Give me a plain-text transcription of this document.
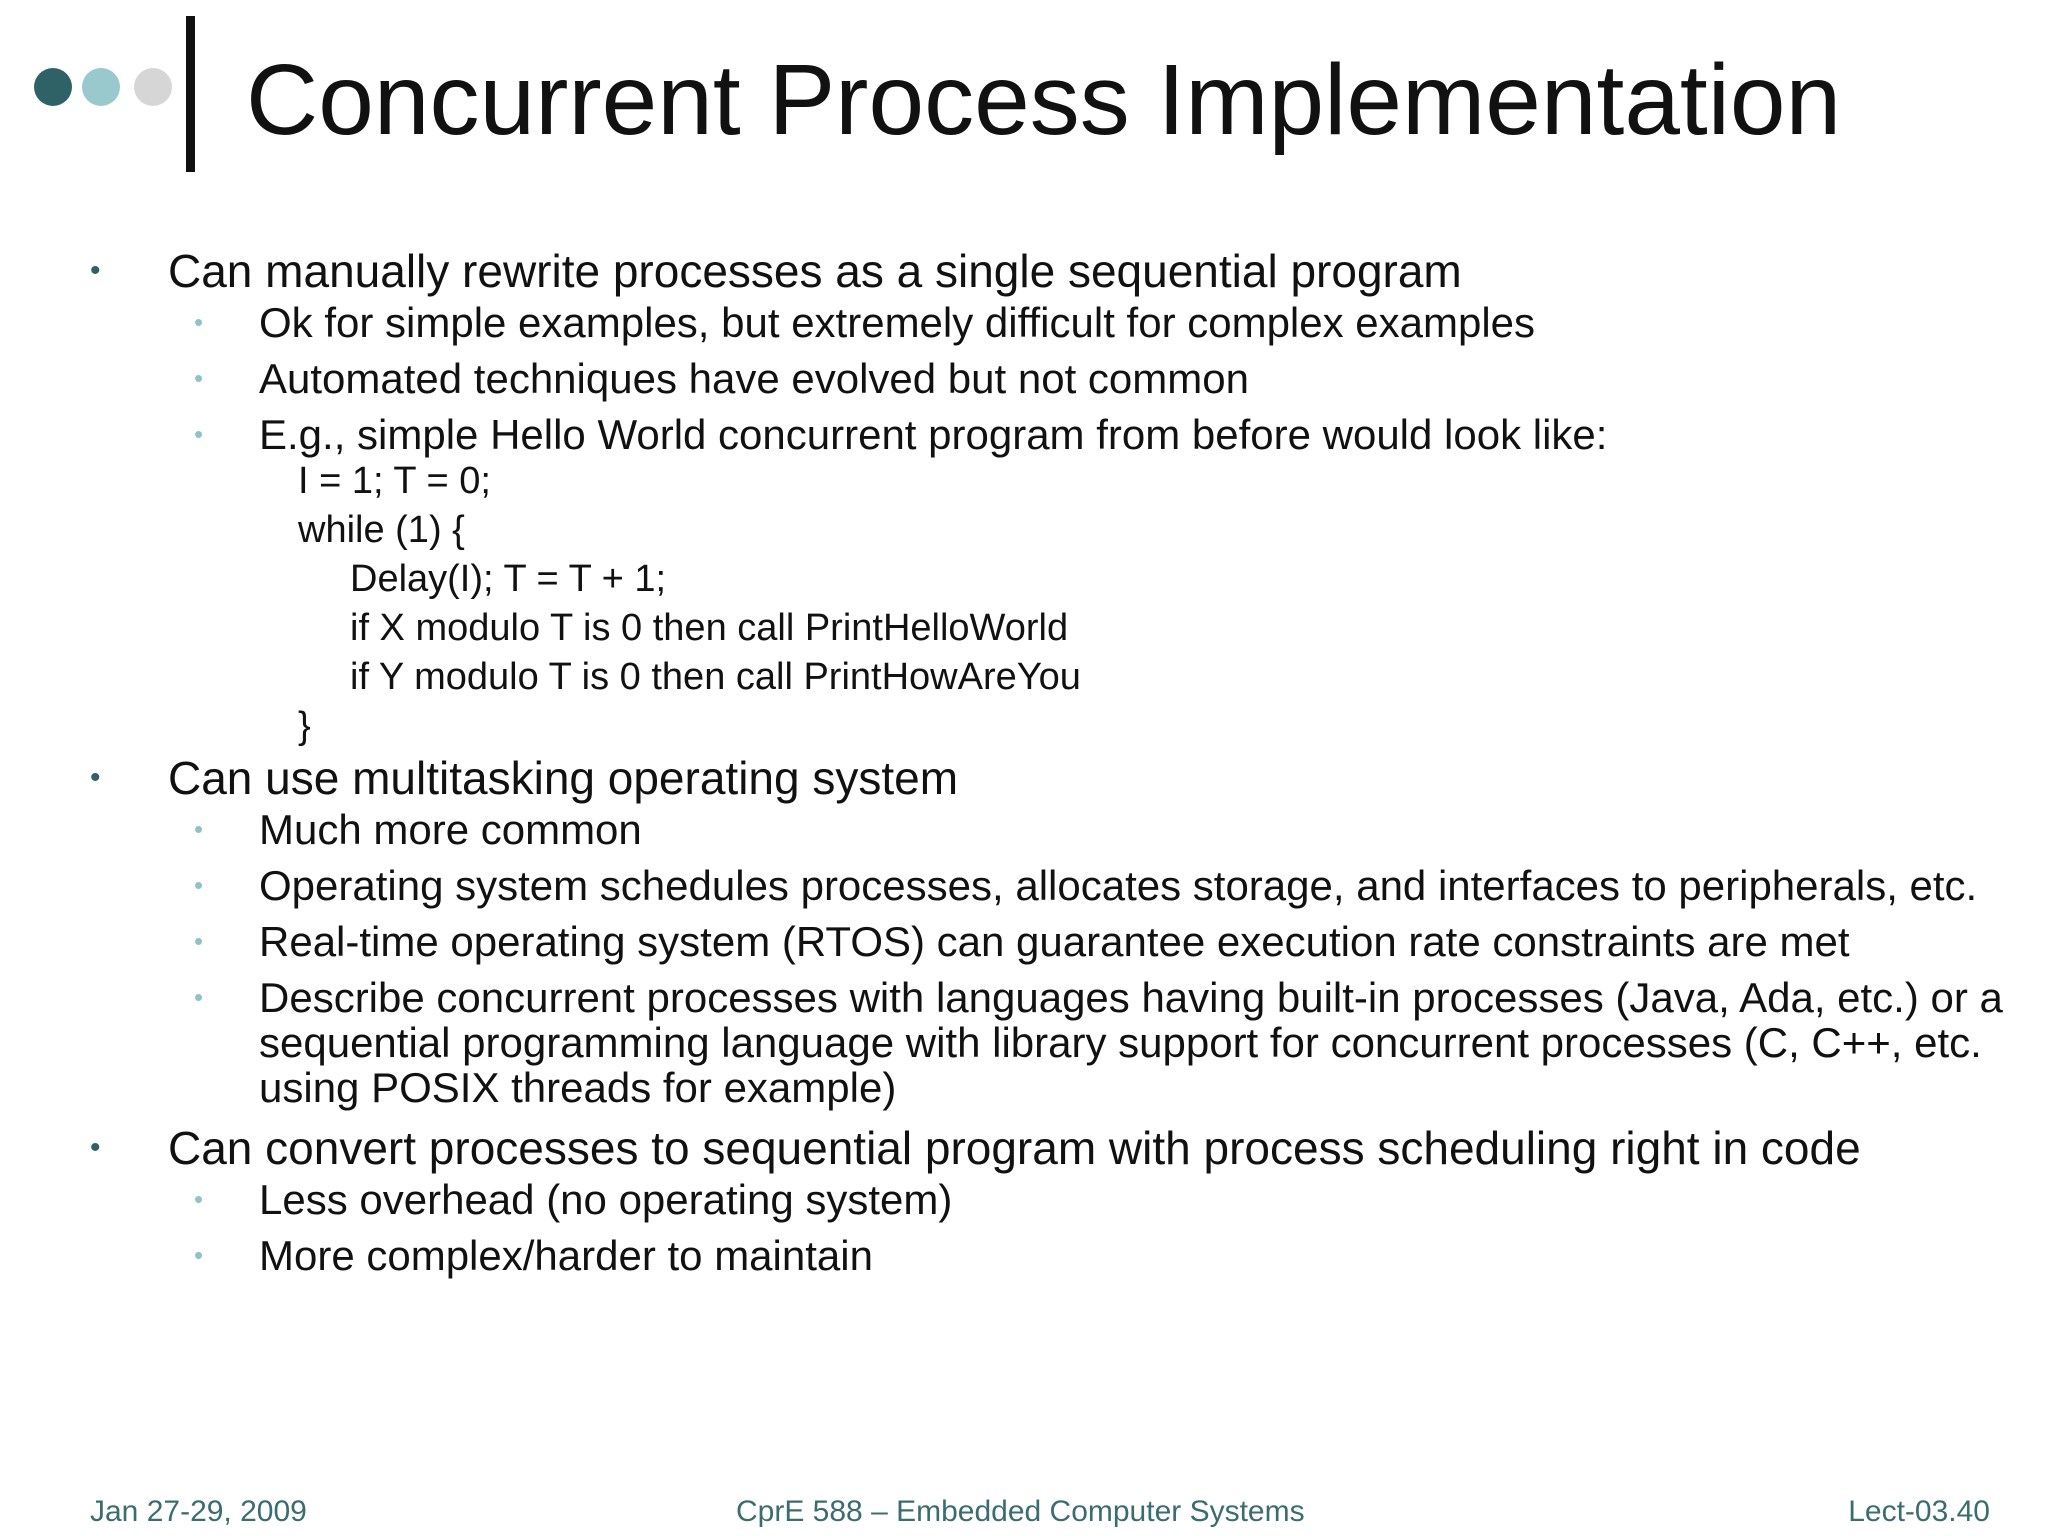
Concurrent Process Implementation
• Can manually rewrite processes as a single sequential program
• Ok for simple examples, but extremely difficult for complex examples
• Automated techniques have evolved but not common
• E.g., simple Hello World concurrent program from before would look like:
I = 1; T = 0;
while (1) {
Delay(I); T = T + 1;
if X modulo T is 0 then call PrintHelloWorld
if Y modulo T is 0 then call PrintHowAreYou
}
• Can use multitasking operating system
• Much more common
• Operating system schedules processes, allocates storage, and interfaces to peripherals, etc.
• Real-time operating system (RTOS) can guarantee execution rate constraints are met
• Describe concurrent processes with languages having built-in processes (Java, Ada, etc.) or a sequential programming language with library support for concurrent processes (C, C++, etc. using POSIX threads for example)
• Can convert processes to sequential program with process scheduling right in code
• Less overhead (no operating system)
• More complex/harder to maintain
Jan 27-29, 2009	CprE 588 – Embedded Computer Systems	Lect-03.40
